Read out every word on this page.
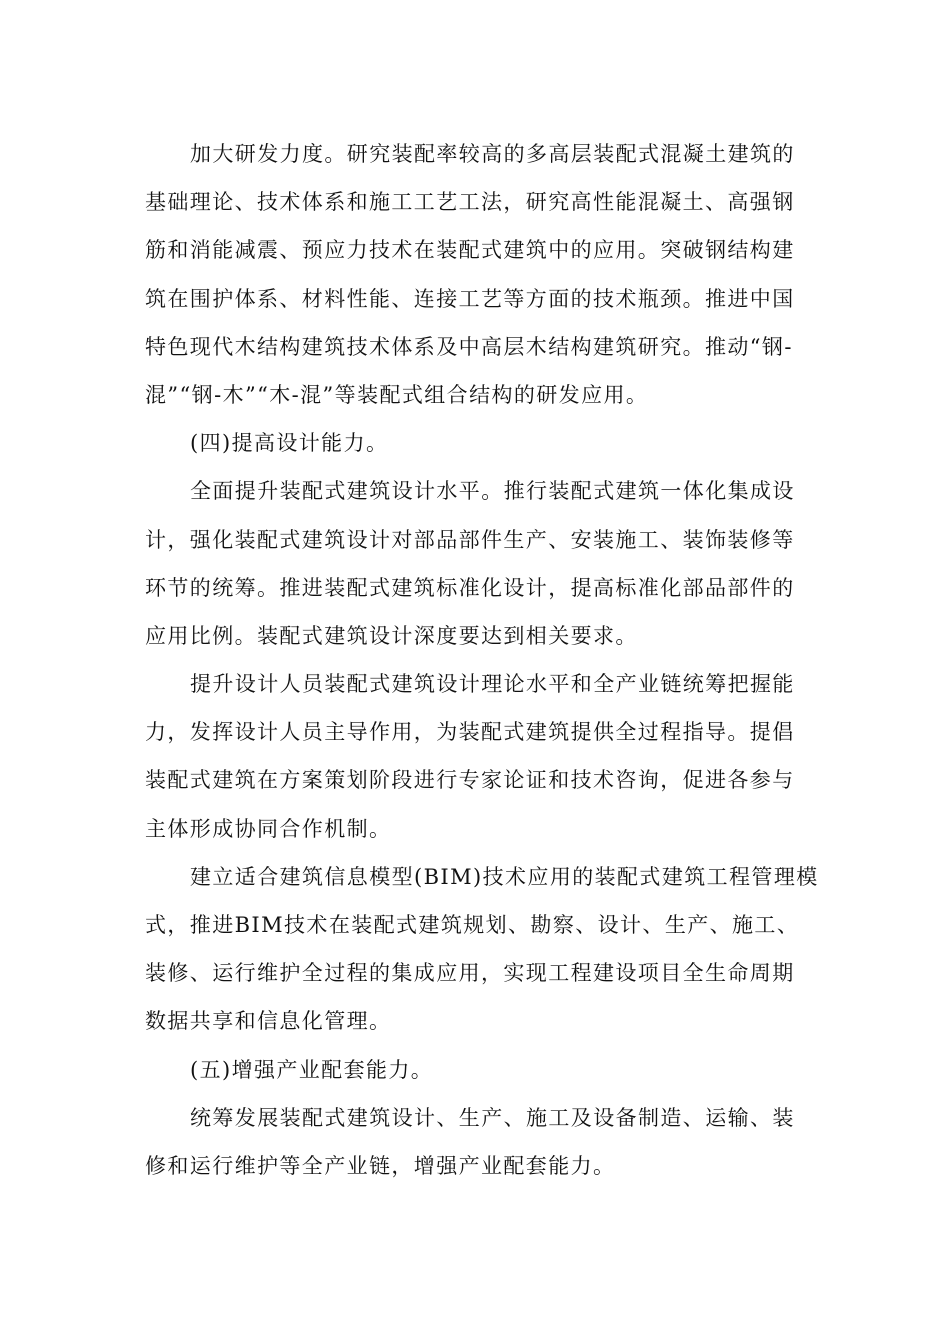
加大研发力度。研究装配率较高的多高层装配式混凝土建筑的
基础理论、技术体系和施工工艺工法，研究高性能混凝土、高强钢
筋和消能减震、预应力技术在装配式建筑中的应用。突破钢结构建
筑在围护体系、材料性能、连接工艺等方面的技术瓶颈。推进中国
特色现代木结构建筑技术体系及中高层木结构建筑研究。推动“钢-
混”“钢-木”“木-混”等装配式组合结构的研发应用。

(四)提高设计能力。

全面提升装配式建筑设计水平。推行装配式建筑一体化集成设
计，强化装配式建筑设计对部品部件生产、安装施工、装饰装修等
环节的统筹。推进装配式建筑标准化设计，提高标准化部品部件的
应用比例。装配式建筑设计深度要达到相关要求。

提升设计人员装配式建筑设计理论水平和全产业链统筹把握能
力，发挥设计人员主导作用，为装配式建筑提供全过程指导。提倡
装配式建筑在方案策划阶段进行专家论证和技术咨询，促进各参与
主体形成协同合作机制。

建立适合建筑信息模型(BIM)技术应用的装配式建筑工程管理模
式，推进BIM技术在装配式建筑规划、勘察、设计、生产、施工、
装修、运行维护全过程的集成应用，实现工程建设项目全生命周期
数据共享和信息化管理。

(五)增强产业配套能力。

统筹发展装配式建筑设计、生产、施工及设备制造、运输、装
修和运行维护等全产业链，增强产业配套能力。
